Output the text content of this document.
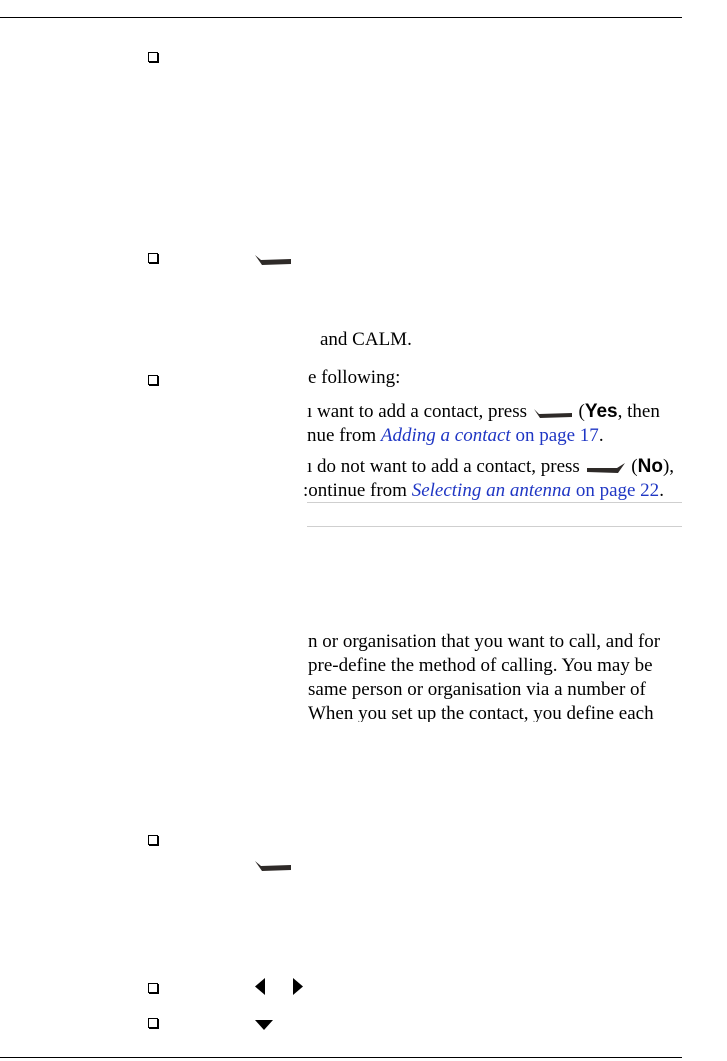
and CALM.
e following:
ı want to add a contact, press  (Yes, then
nue from Adding a contact on page 17.
ı do not want to add a contact, press  (No),
:ontinue from Selecting an antenna on page 22.
n or organisation that you want to call, and for
pre-define the method of calling. You may be
same person or organisation via a number of
When you set up the contact, you define each
